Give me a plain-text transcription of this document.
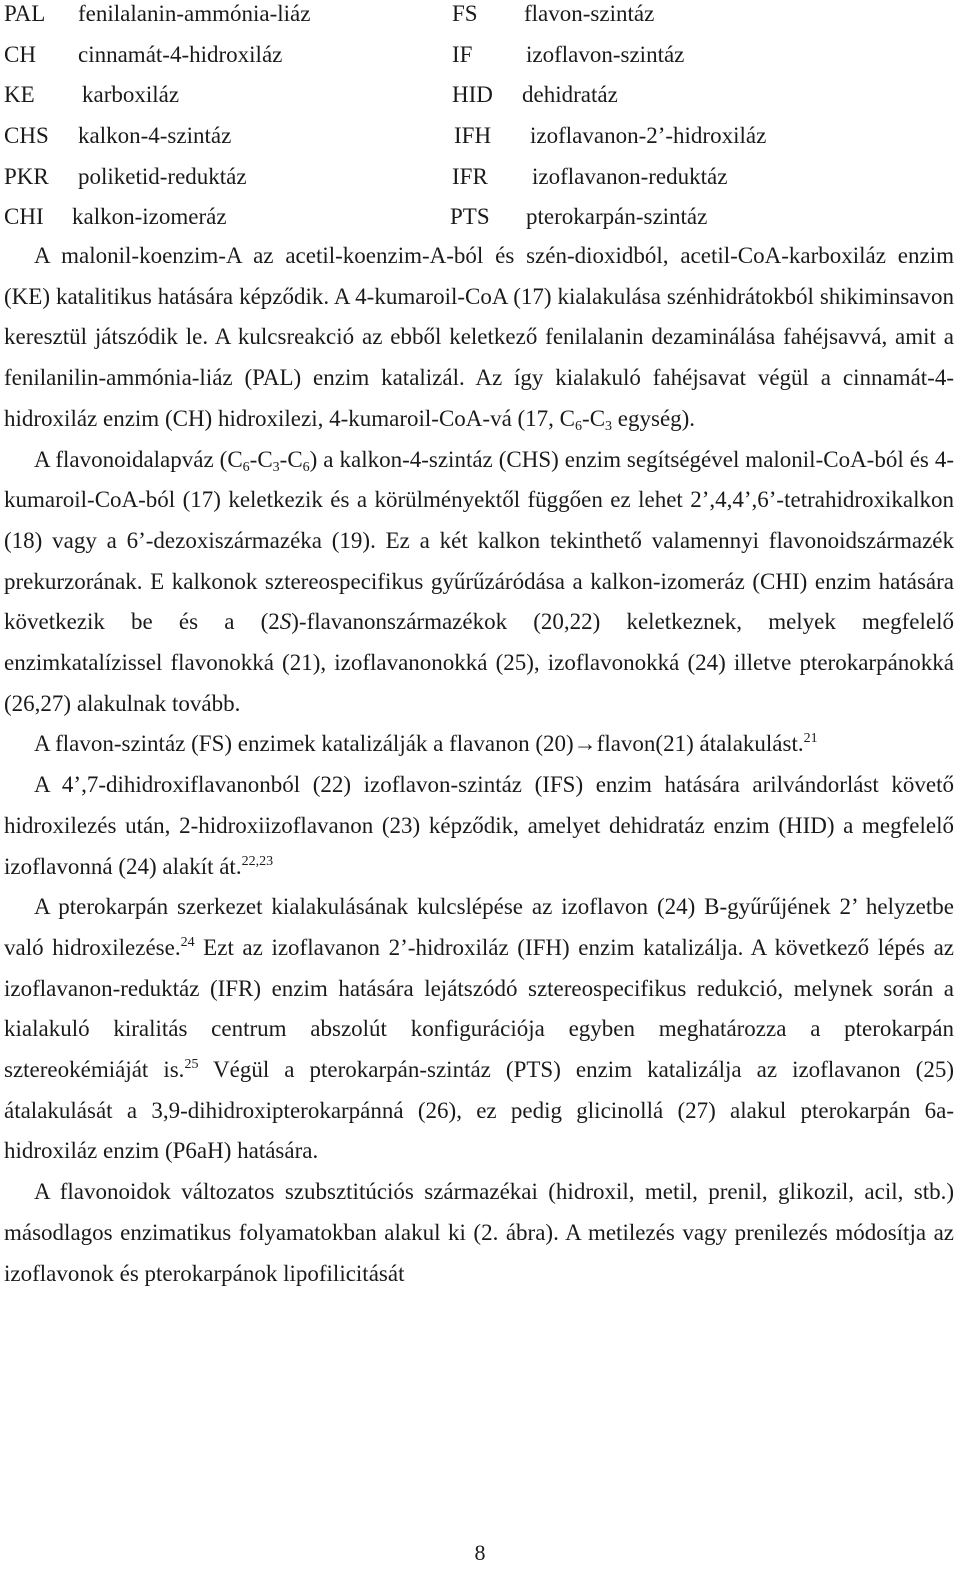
PAL fenilalanin-ammónia-liáz	FS flavon-szintáz
CH cinnamát-4-hidroxiláz	IF izoflavon-szintáz
KE karboxiláz	HID dehidratáz
CHS kalkon-4-szintáz	IFH izoflavanon-2’-hidroxiláz
PKR poliketid-reduktáz	IFR izoflavanon-reduktáz
CHI kalkon-izomeráz	PTS pterokarpán-szintáz

A malonil-koenzim-A az acetil-koenzim-A-ból és szén-dioxidból, acetil-CoA-karboxiláz enzim (KE) katalitikus hatására képződik. A 4-kumaroil-CoA (17) kialakulása szénhidrátokból shikiminsavon keresztül játszódik le. A kulcsreakció az ebből keletkező fenilalanin dezaminálása fahéjsavvá, amit a fenilanilin-ammónia-liáz (PAL) enzim katalizál. Az így kialakuló fahéjsavat végül a cinnamát-4-hidroxiláz enzim (CH) hidroxilezi, 4-kumaroil-CoA-vá (17, $C_6-C_3$ egység).

A flavonoidalapváz $(C_6-C_3-C_6)$ a kalkon-4-szintáz (CHS) enzim segítségével malonil-CoA-ból és 4-kumaroil-CoA-ból (17) keletkezik és a körülményektől függően ez lehet 2’,4,4’,6’-tetrahidroxikalkon (18) vagy a 6’-dezoxiszármazéka (19). Ez a két kalkon tekinthető valamennyi flavonoidszármazék prekurzorának. E kalkonok sztereospecifikus gyűrűzáródása a kalkon-izomeráz (CHI) enzim hatására következik be és a (2S)-flavanonszármazékok (20,22) keletkeznek, melyek megfelelő enzimkatalízissel flavonokká (21), izoflavanonokká (25), izoflavonokká (24) illetve pterokarpánokká (26,27) alakulnak tovább.

A flavon-szintáz (FS) enzimek katalizálják a flavanon (20)→flavon(21) átalakulást.$^{21}$

A 4’,7-dihidroxiflavanonból (22) izoflavon-szintáz (IFS) enzim hatására arilvándorlást követő hidroxilezés után, 2-hidroxiizoflavanon (23) képződik, amelyet dehidratáz enzim (HID) a megfelelő izoflavonná (24) alakít át.$^{22,23}$

A pterokarpán szerkezet kialakulásának kulcslépése az izoflavon (24) B-gyűrűjének 2’ helyzetbe való hidroxilezése.$^{24}$ Ezt az izoflavanon 2’-hidroxiláz (IFH) enzim katalizálja. A következő lépés az izoflavanon-reduktáz (IFR) enzim hatására lejátszódó sztereospecifikus redukció, melynek során a kialakuló kiralitás centrum abszolút konfigurációja egyben meghatározza a pterokarpán sztereokémiáját is.$^{25}$ Végül a pterokarpán-szintáz (PTS) enzim katalizálja az izoflavanon (25) átalakulását a 3,9-dihidroxipterokarpánná (26), ez pedig glicinollá (27) alakul pterokarpán 6a-hidroxiláz enzim (P6aH) hatására.

A flavonoidok változatos szubsztitúciós származékai (hidroxil, metil, prenil, glikozil, acil, stb.) másodlagos enzimatikus folyamatokban alakul ki (2. ábra). A metilezés vagy prenilezés módosítja az izoflavonok és pterokarpánok lipofilicitását

8
